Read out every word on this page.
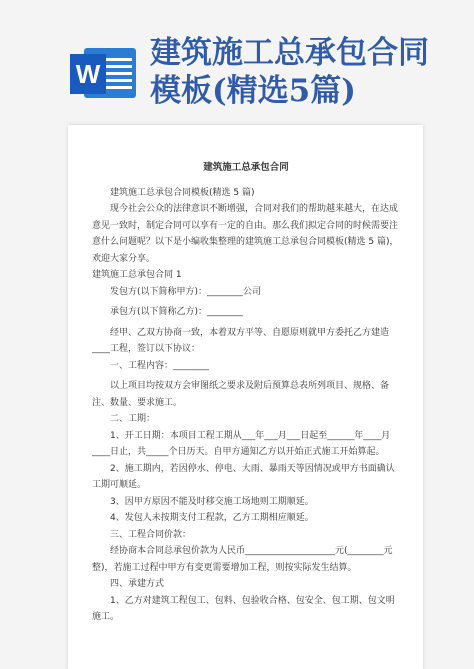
W
建筑施工总承包合同模板(精选5篇)

建筑施工总承包合同

建筑施工总承包合同模板(精选 5 篇)

现今社会公众的法律意识不断增强，合同对我们的帮助越来越大，在达成意见一致时，制定合同可以享有一定的自由。那么我们拟定合同的时候需要注意什么问题呢？以下是小编收集整理的建筑施工总承包合同模板(精选 5 篇)，欢迎大家分享。

建筑施工总承包合同 1

发包方(以下简称甲方)：________公司

承包方(以下简称乙方)：________

经甲、乙双方协商一致，本着双方平等、自愿原则就甲方委托乙方建造____工程，签订以下协议：

一、工程内容：________

以上项目均按双方会审图纸之要求及附后预算总表所列项目、规格、备注、数量、要求施工。

二、工期：

1、开工日期：本项目工程工期从___年___月___日起至______年____月____日止，共_____个日历天。自甲方通知乙方以开始正式施工开始算起。

2、施工期内，若因停水、停电、大雨、暴雨天等因情况或甲方书面确认工期可顺延。

3、因甲方原因不能及时移交施工场地则工期顺延。

4、发包人未按期支付工程款，乙方工期相应顺延。

三、工程合同价款：

经协商本合同总承包价款为人民币____________________元(________元整)，若施工过程中甲方有变更需要增加工程，则按实际发生结算。

四、承建方式

1、乙方对建筑工程包工、包料、包验收合格、包安全、包工期、包文明施工。
